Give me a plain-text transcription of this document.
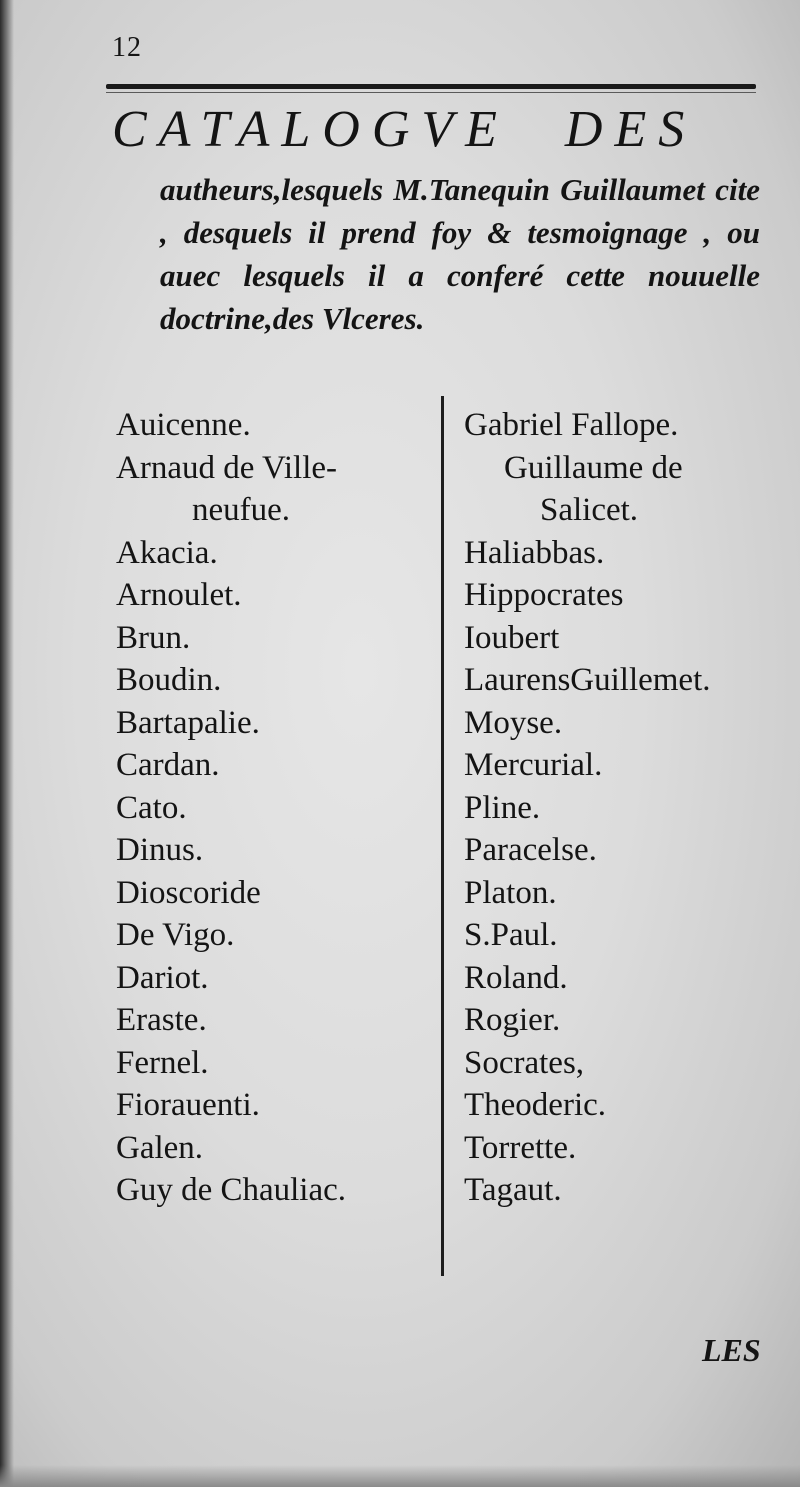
12
CATALOGVE DES
autheurs,lesquels M.Tanequin Guillaumet cite , desquels il prend foy & tesmoignage , ou auec lesquels il a conferé cette nouuelle doctrine,des Vlceres.
Auicenne.
Arnaud de Ville-
neufue.
Akacia.
Arnoulet.
Brun.
Boudin.
Bartapalie.
Cardan.
Cato.
Dinus.
Dioscoride
De Vigo.
Dariot.
Eraste.
Fernel.
Fiorauenti.
Galen.
Guy de Chauliac.
Gabriel Fallope.
Guillaume de
Salicet.
Haliabbas.
Hippocrates
Ioubert
LaurensGuillemet.
Moyse.
Mercurial.
Pline.
Paracelse.
Platon.
S.Paul.
Roland.
Rogier.
Socrates,
Theoderic.
Torrette.
Tagaut.
LES
